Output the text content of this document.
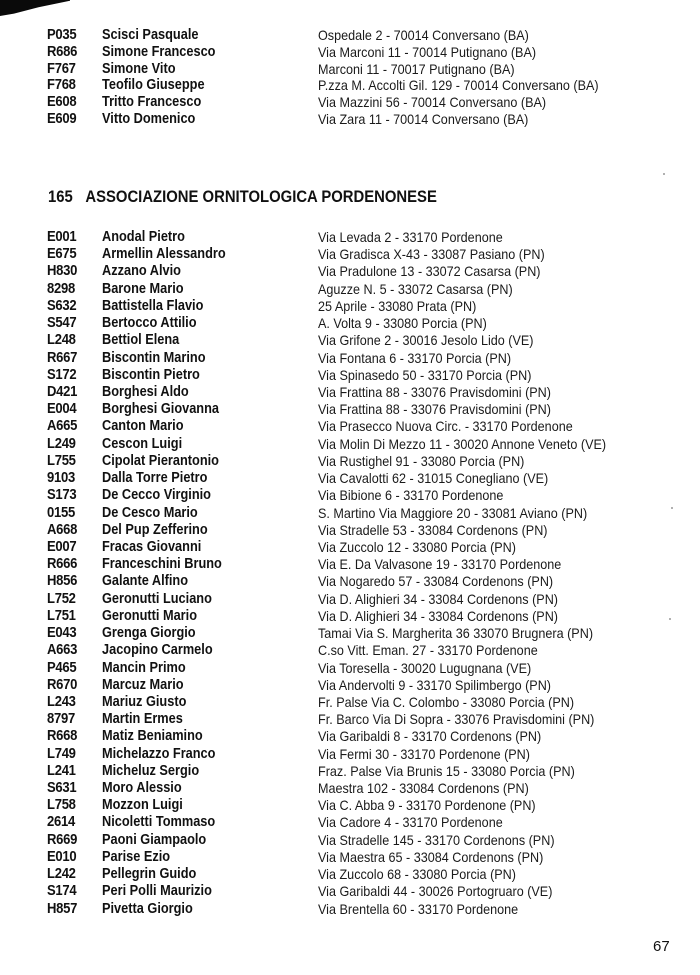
P035 Scisci Pasquale	Ospedale 2 - 70014 Conversano (BA)
R686 Simone Francesco	Via Marconi 11 - 70014 Putignano (BA)
F767 Simone Vito	Marconi 11 - 70017 Putignano (BA)
F768 Teofilo Giuseppe	P.zza M. Accolti Gil. 129 - 70014 Conversano (BA)
E608 Tritto Francesco	Via Mazzini 56 - 70014 Conversano (BA)
E609 Vitto Domenico	Via Zara 11 - 70014 Conversano (BA)
165 ASSOCIAZIONE ORNITOLOGICA PORDENONESE
E001 Anodal Pietro	Via Levada 2 - 33170 Pordenone
E675 Armellin Alessandro	Via Gradisca X-43 - 33087 Pasiano (PN)
H830 Azzano Alvio	Via Pradulone 13 - 33072 Casarsa (PN)
8298 Barone Mario	Aguzze N. 5 - 33072 Casarsa (PN)
S632 Battistella Flavio	25 Aprile - 33080 Prata (PN)
S547 Bertocco Attilio	A. Volta 9 - 33080 Porcia (PN)
L248 Bettiol Elena	Via Grifone 2 - 30016 Jesolo Lido (VE)
R667 Biscontin Marino	Via Fontana 6 - 33170 Porcia (PN)
S172 Biscontin Pietro	Via Spinasedo 50 - 33170 Porcia (PN)
D421 Borghesi Aldo	Via Frattina 88 - 33076 Pravisdomini (PN)
E004 Borghesi Giovanna	Via Frattina 88 - 33076 Pravisdomini (PN)
A665 Canton Mario	Via Prasecco Nuova Circ. - 33170 Pordenone
L249 Cescon Luigi	Via Molin Di Mezzo 11 - 30020 Annone Veneto (VE)
L755 Cipolat Pierantonio	Via Rustighel 91 - 33080 Porcia (PN)
9103 Dalla Torre Pietro	Via Cavalotti 62 - 31015 Conegliano (VE)
S173 De Cecco Virginio	Via Bibione 6 - 33170 Pordenone
0155 De Cesco Mario	S. Martino Via Maggiore 20 - 33081 Aviano (PN)
A668 Del Pup Zefferino	Via Stradelle 53 - 33084 Cordenons (PN)
E007 Fracas Giovanni	Via Zuccolo 12 - 33080 Porcia (PN)
R666 Franceschini Bruno	Via E. Da Valvasone 19 - 33170 Pordenone
H856 Galante Alfino	Via Nogaredo 57 - 33084 Cordenons (PN)
L752 Geronutti Luciano	Via D. Alighieri 34 - 33084 Cordenons (PN)
L751 Geronutti Mario	Via D. Alighieri 34 - 33084 Cordenons (PN)
E043 Grenga Giorgio	Tamai Via S. Margherita 36 33070 Brugnera (PN)
A663 Jacopino Carmelo	C.so Vitt. Eman. 27 - 33170 Pordenone
P465 Mancin Primo	Via Toresella - 30020 Lugugnana (VE)
R670 Marcuz Mario	Via Andervolti 9 - 33170 Spilimbergo (PN)
L243 Mariuz Giusto	Fr. Palse Via C. Colombo - 33080 Porcia (PN)
8797 Martin Ermes	Fr. Barco Via Di Sopra - 33076 Pravisdomini (PN)
R668 Matiz Beniamino	Via Garibaldi 8 - 33170 Cordenons (PN)
L749 Michelazzo Franco	Via Fermi 30 - 33170 Pordenone (PN)
L241 Micheluz Sergio	Fraz. Palse Via Brunis 15 - 33080 Porcia (PN)
S631 Moro Alessio	Maestra 102 - 33084 Cordenons (PN)
L758 Mozzon Luigi	Via C. Abba 9 - 33170 Pordenone (PN)
2614 Nicoletti Tommaso	Via Cadore 4 - 33170 Pordenone
R669 Paoni Giampaolo	Via Stradelle 145 - 33170 Cordenons (PN)
E010 Parise Ezio	Via Maestra 65 - 33084 Cordenons (PN)
L242 Pellegrin Guido	Via Zuccolo 68 - 33080 Porcia (PN)
S174 Peri Polli Maurizio	Via Garibaldi 44 - 30026 Portogruaro (VE)
H857 Pivetta Giorgio	Via Brentella 60 - 33170 Pordenone
67
